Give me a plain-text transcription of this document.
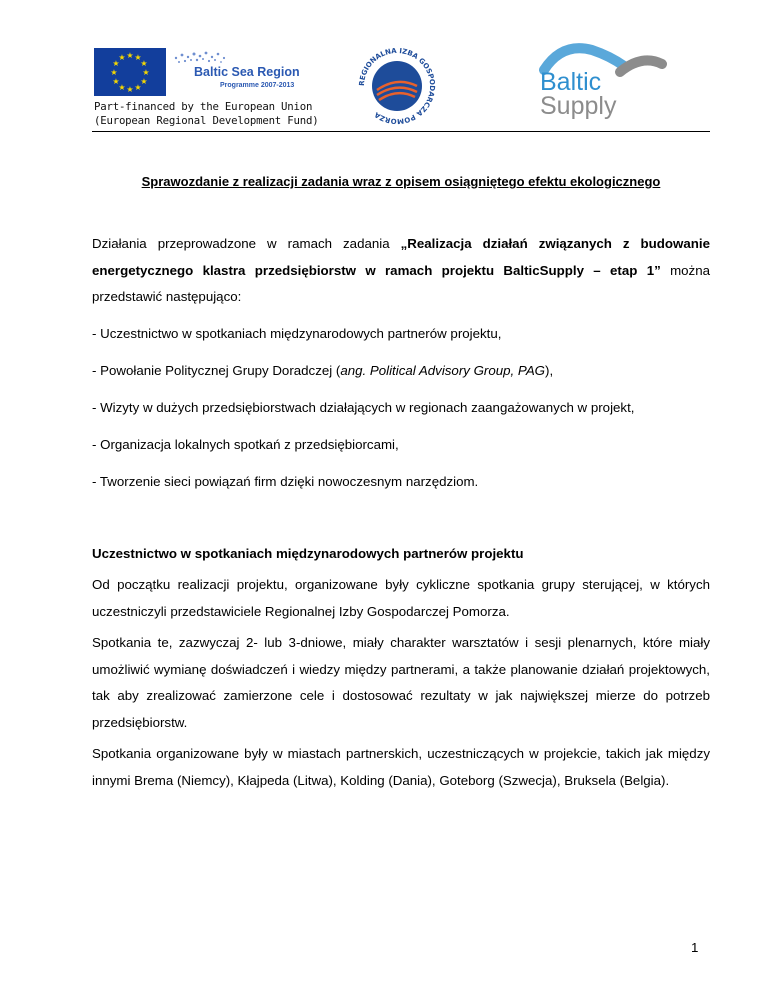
★ ★
★
★
★
★
★
★
★
★
★
★
Baltic Sea Region
Programme 2007-2013
Part-financed by the European Union
(European Regional Development Fund)
REGIONALNA IZBA GOSPODARCZA POMORZA
Baltic
Supply
Sprawozdanie z realizacji zadania wraz z opisem osiągniętego efektu ekologicznego

Działania przeprowadzone w ramach zadania „Realizacja działań związanych z budowanie energetycznego klastra przedsiębiorstw w ramach projektu BalticSupply – etap 1” można przedstawić następująco:

- Uczestnictwo w spotkaniach międzynarodowych partnerów projektu,
- Powołanie Politycznej Grupy Doradczej (ang. Political Advisory Group, PAG),
- Wizyty w dużych przedsiębiorstwach działających w regionach zaangażowanych w projekt,
- Organizacja lokalnych spotkań z przedsiębiorcami,
- Tworzenie sieci powiązań firm dzięki nowoczesnym narzędziom.
Uczestnictwo w spotkaniach międzynarodowych partnerów projektu

Od początku realizacji projektu, organizowane były cykliczne spotkania grupy sterującej, w których uczestniczyli przedstawiciele Regionalnej Izby Gospodarczej Pomorza.

Spotkania te, zazwyczaj 2- lub 3-dniowe, miały charakter warsztatów i sesji plenarnych, które miały umożliwić wymianę doświadczeń i wiedzy między partnerami, a także planowanie działań projektowych, tak aby zrealizować zamierzone cele i dostosować rezultaty w jak największej mierze do potrzeb przedsiębiorstw.

Spotkania organizowane były w miastach partnerskich, uczestniczących w projekcie, takich jak między innymi Brema (Niemcy), Kłajpeda (Litwa), Kolding (Dania), Goteborg (Szwecja), Bruksela (Belgia).

1
